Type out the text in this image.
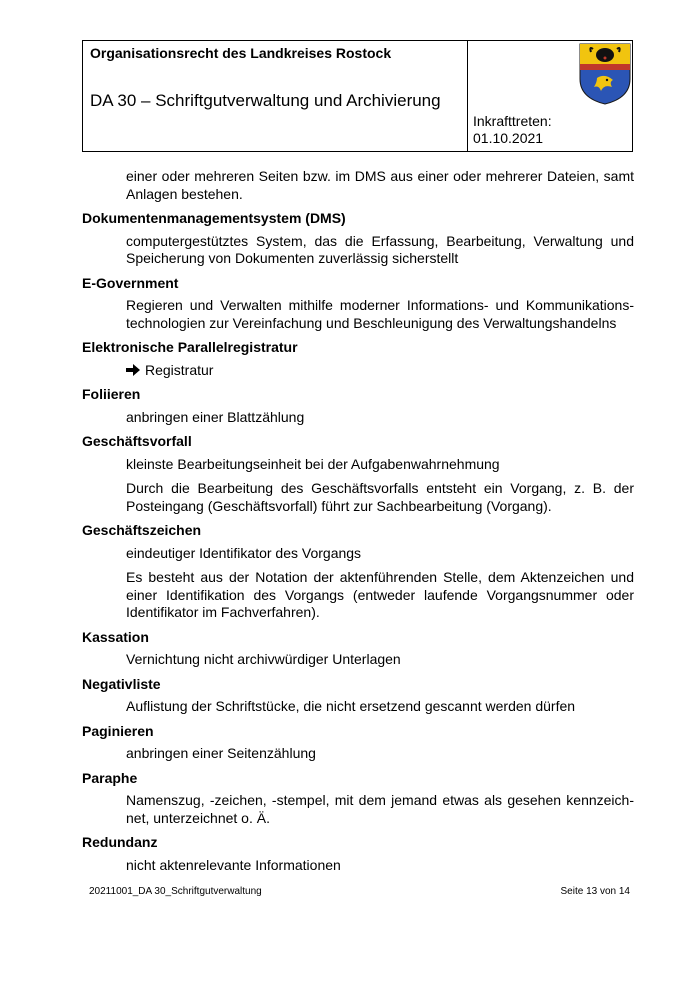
Organisationsrecht des Landkreises Rostock
DA 30 – Schriftgutverwaltung und Archivierung
Inkrafttreten:
01.10.2021

einer oder mehreren Seiten bzw. im DMS aus einer oder mehrerer Dateien, samt Anlagen bestehen.

Dokumentenmanagementsystem (DMS)

computergestütztes System, das die Erfassung, Bearbeitung, Verwaltung und Speicherung von Dokumenten zuverlässig sicherstellt

E-Government

Regieren und Verwalten mithilfe moderner Informations- und Kommunikations-technologien zur Vereinfachung und Beschleunigung des Verwaltungshandelns

Elektronische Parallelregistratur

Registratur

Foliieren

anbringen einer Blattzählung

Geschäftsvorfall

kleinste Bearbeitungseinheit bei der Aufgabenwahrnehmung

Durch die Bearbeitung des Geschäftsvorfalls entsteht ein Vorgang, z. B. der Posteingang (Geschäftsvorfall) führt zur Sachbearbeitung (Vorgang).

Geschäftszeichen

eindeutiger Identifikator des Vorgangs

Es besteht aus der Notation der aktenführenden Stelle, dem Aktenzeichen und einer Identifikation des Vorgangs (entweder laufende Vorgangsnummer oder Identifikator im Fachverfahren).

Kassation

Vernichtung nicht archivwürdiger Unterlagen

Negativliste

Auflistung der Schriftstücke, die nicht ersetzend gescannt werden dürfen

Paginieren

anbringen einer Seitenzählung

Paraphe

Namenszug, -zeichen, -stempel, mit dem jemand etwas als gesehen kennzeich-net, unterzeichnet o. Ä.

Redundanz

nicht aktenrelevante Informationen

20211001_DA 30_Schriftgutverwaltung	Seite 13 von 14
